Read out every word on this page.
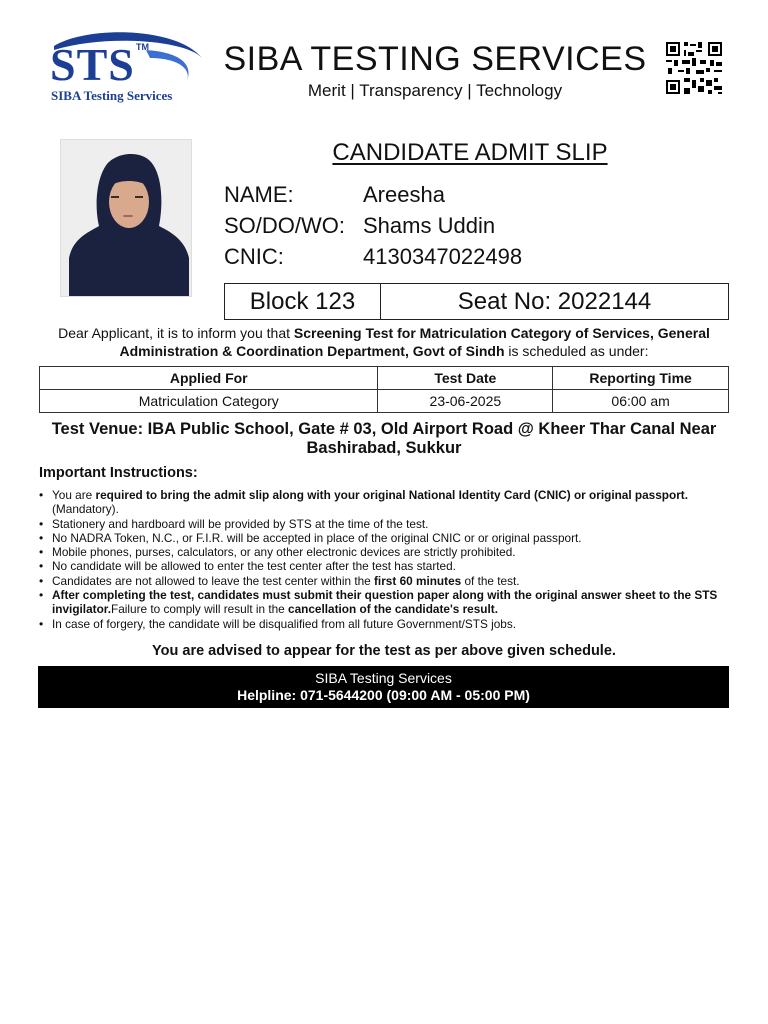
STS TM
SIBA Testing Services
SIBA TESTING SERVICES
Merit | Transparency | Technology
CANDIDATE ADMIT SLIP
NAME:	Areesha
SO/DO/WO: Shams Uddin
CNIC:	4130347022498
Block 123	Seat No: 2022144
Dear Applicant, it is to inform you that Screening Test for Matriculation Category of Services, General Administration & Coordination Department, Govt of Sindh is scheduled as under:
Applied For	Test Date	Reporting Time
Matriculation Category	23-06-2025	06:00 am
Test Venue: IBA Public School, Gate # 03, Old Airport Road @ Kheer Thar Canal Near Bashirabad, Sukkur
Important Instructions:
• You are required to bring the admit slip along with your original National Identity Card (CNIC) or original passport. (Mandatory).
• Stationery and hardboard will be provided by STS at the time of the test.
• No NADRA Token, N.C., or F.I.R. will be accepted in place of the original CNIC or or original passport.
• Mobile phones, purses, calculators, or any other electronic devices are strictly prohibited.
• No candidate will be allowed to enter the test center after the test has started.
• Candidates are not allowed to leave the test center within the first 60 minutes of the test.
• After completing the test, candidates must submit their question paper along with the original answer sheet to the STS invigilator.Failure to comply will result in the cancellation of the candidate's result.
• In case of forgery, the candidate will be disqualified from all future Government/STS jobs.
You are advised to appear for the test as per above given schedule.
SIBA Testing Services
Helpline: 071-5644200 (09:00 AM - 05:00 PM)
